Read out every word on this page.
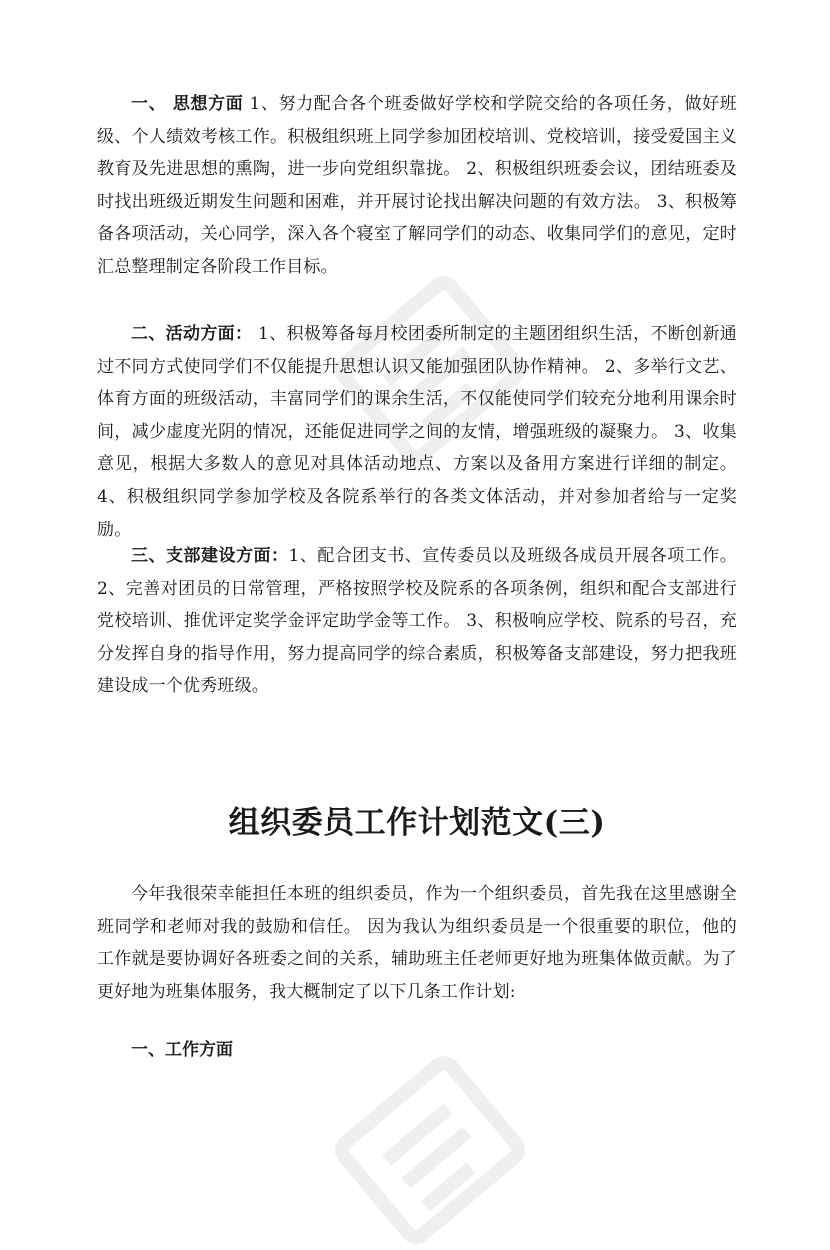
一、 思想方面 1、努力配合各个班委做好学校和学院交给的各项任务，做好班级、个人绩效考核工作。积极组织班上同学参加团校培训、党校培训，接受爱国主义教育及先进思想的熏陶，进一步向党组织靠拢。 2、积极组织班委会议，团结班委及时找出班级近期发生问题和困难，并开展讨论找出解决问题的有效方法。 3、积极筹备各项活动，关心同学，深入各个寝室了解同学们的动态、收集同学们的意见，定时汇总整理制定各阶段工作目标。

二、活动方面： 1、积极筹备每月校团委所制定的主题团组织生活，不断创新通过不同方式使同学们不仅能提升思想认识又能加强团队协作精神。 2、多举行文艺、体育方面的班级活动，丰富同学们的课余生活，不仅能使同学们较充分地利用课余时间，减少虚度光阴的情况，还能促进同学之间的友情，增强班级的凝聚力。 3、收集意见，根据大多数人的意见对具体活动地点、方案以及备用方案进行详细的制定。4、积极组织同学参加学校及各院系举行的各类文体活动，并对参加者给与一定奖励。

三、支部建设方面：1、配合团支书、宣传委员以及班级各成员开展各项工作。2、完善对团员的日常管理，严格按照学校及院系的各项条例，组织和配合支部进行党校培训、推优评定奖学金评定助学金等工作。 3、积极响应学校、院系的号召，充分发挥自身的指导作用，努力提高同学的综合素质，积极筹备支部建设，努力把我班建设成一个优秀班级。

组织委员工作计划范文(三)

今年我很荣幸能担任本班的组织委员，作为一个组织委员，首先我在这里感谢全班同学和老师对我的鼓励和信任。 因为我认为组织委员是一个很重要的职位，他的工作就是要协调好各班委之间的关系，辅助班主任老师更好地为班集体做贡献。为了更好地为班集体服务，我大概制定了以下几条工作计划:

一、工作方面
